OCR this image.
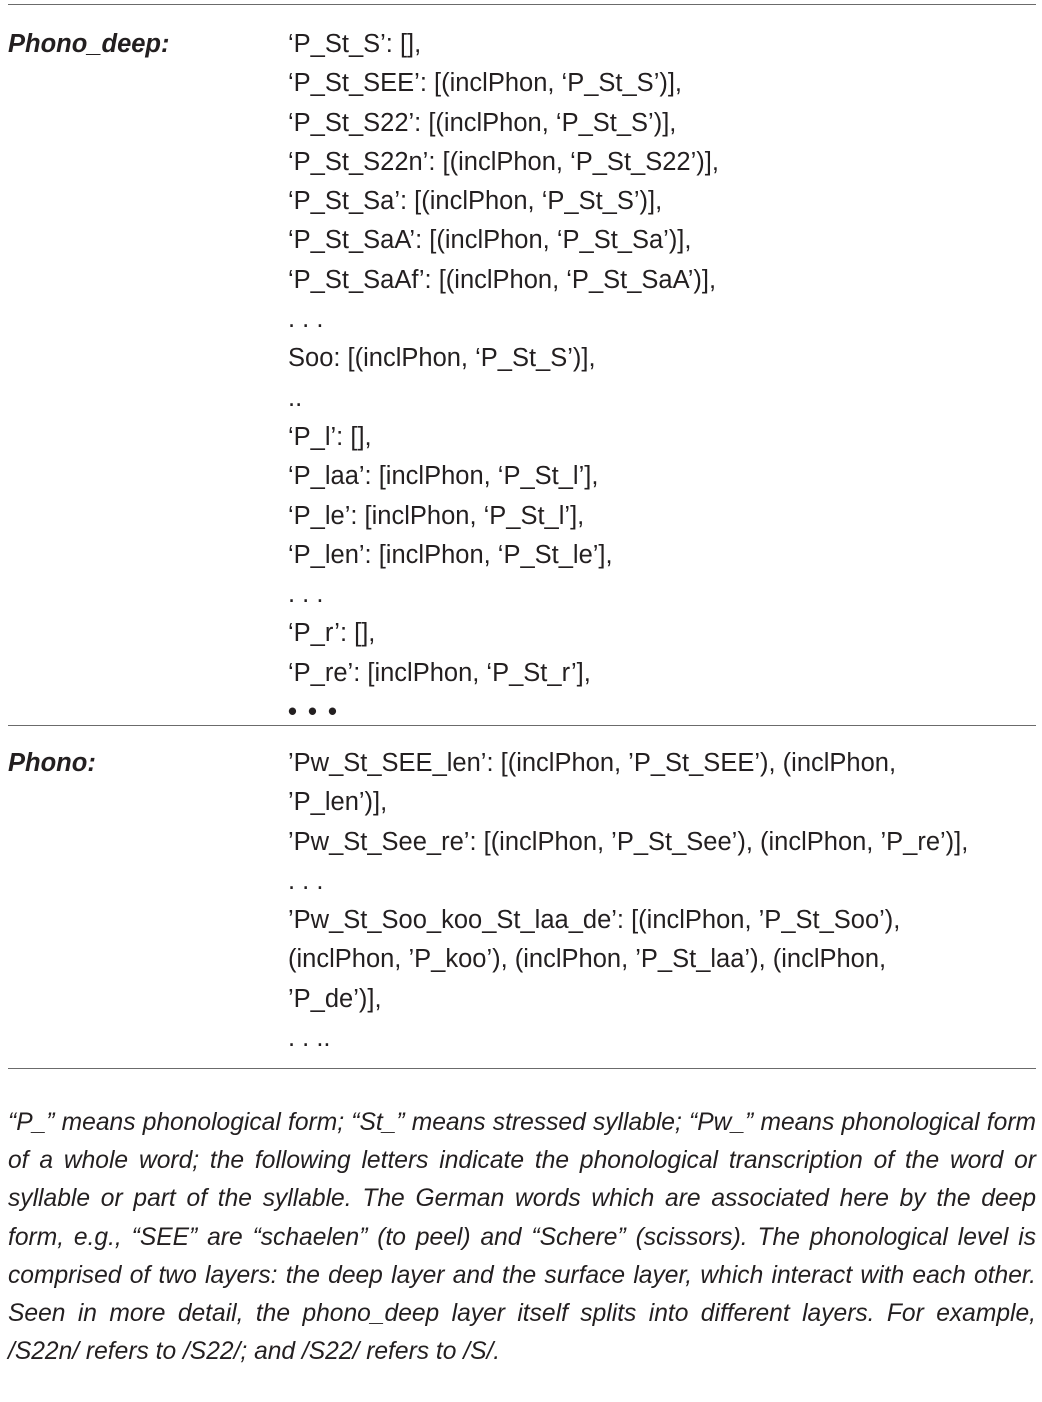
Phono_deep:	‘P_St_S’: [],
‘P_St_SEE’: [(inclPhon, ‘P_St_S’)],
‘P_St_S22’: [(inclPhon, ‘P_St_S’)],
‘P_St_S22n’: [(inclPhon, ‘P_St_S22’)],
‘P_St_Sa’: [(inclPhon, ‘P_St_S’)],
‘P_St_SaA’: [(inclPhon, ‘P_St_Sa’)],
‘P_St_SaAf’: [(inclPhon, ‘P_St_SaA’)],
. . .
Soo: [(inclPhon, ‘P_St_S’)],
..
‘P_l’: [],
‘P_laa’: [inclPhon, ‘P_St_l’],
‘P_le’: [inclPhon, ‘P_St_l’],
‘P_len’: [inclPhon, ‘P_St_le’],
. . .
‘P_r’: [],
‘P_re’: [inclPhon, ‘P_St_r’],
• • •
Phono:	’Pw_St_SEE_len’: [(inclPhon, ’P_St_SEE’), (inclPhon,
’P_len’)],
’Pw_St_See_re’: [(inclPhon, ’P_St_See’), (inclPhon, ’P_re’)],
. . .
’Pw_St_Soo_koo_St_laa_de’: [(inclPhon, ’P_St_Soo’),
(inclPhon, ’P_koo’), (inclPhon, ’P_St_laa’), (inclPhon,
’P_de’)],
. . ..
“P_” means phonological form; “St_” means stressed syllable; “Pw_” means phonological form of a whole word; the following letters indicate the phonological transcription of the word or syllable or part of the syllable. The German words which are associated here by the deep form, e.g., “SEE” are “schaelen” (to peel) and “Schere” (scissors). The phonological level is comprised of two layers: the deep layer and the surface layer, which interact with each other. Seen in more detail, the phono_deep layer itself splits into different layers. For example, /S22n/ refers to /S22/; and /S22/ refers to /S/.
